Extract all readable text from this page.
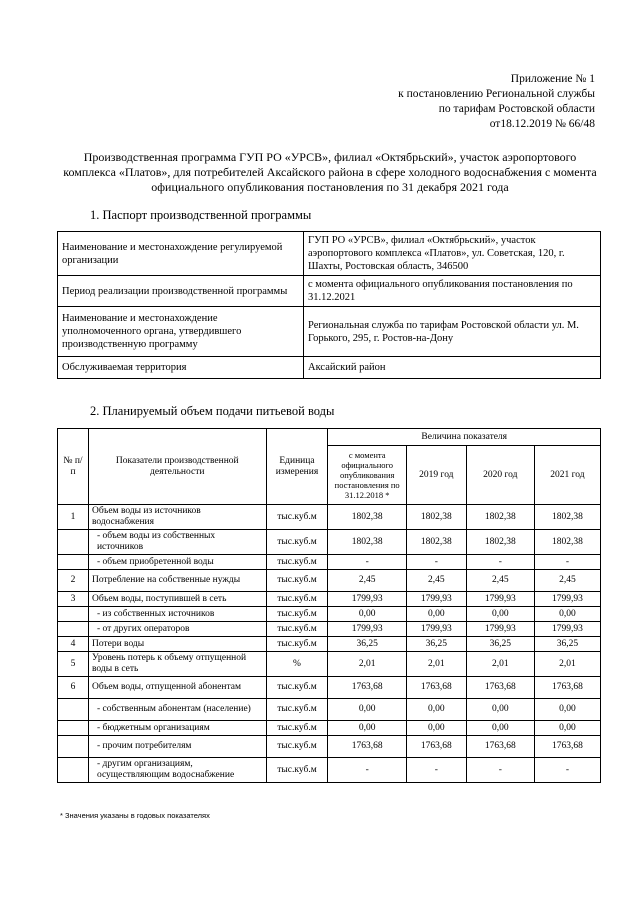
Приложение № 1
к постановлению Региональной службы
по тарифам Ростовской области
от18.12.2019 № 66/48
Производственная программа ГУП РО «УРСВ», филиал «Октябрьский», участок аэропортового комплекса «Платов», для потребителей Аксайского района в сфере холодного водоснабжения с момента официального опубликования постановления по 31 декабря 2021 года
1. Паспорт производственной программы
Наименование и местонахождение регулируемой организации	ГУП РО «УРСВ», филиал «Октябрьский», участок аэропортового комплекса «Платов», ул. Советская, 120, г. Шахты, Ростовская область, 346500
Период реализации производственной программы	с момента официального опубликования постановления по 31.12.2021
Наименование и местонахождение уполномоченного органа, утвердившего производственную программу	Региональная служба по тарифам Ростовской области ул. М. Горького, 295, г. Ростов-на-Дону
Обслуживаемая территория	Аксайский район
2. Планируемый объем подачи питьевой воды
№ п/п	Показатели производственной деятельности	Единица измерения	Величина показателя			
			с момента официального опубликования постановления по 31.12.2018 *	2019 год	2020 год	2021 год
1	Объем воды из источников водоснабжения	тыс.куб.м	1802,38	1802,38	1802,38	1802,38
	- объем воды из собственных источников	тыс.куб.м	1802,38	1802,38	1802,38	1802,38
	- объем приобретенной воды	тыс.куб.м	-	-	-	-
2	Потребление на собственные нужды	тыс.куб.м	2,45	2,45	2,45	2,45
3	Объем воды, поступившей в сеть	тыс.куб.м	1799,93	1799,93	1799,93	1799,93
	- из собственных источников	тыс.куб.м	0,00	0,00	0,00	0,00
	- от других операторов	тыс.куб.м	1799,93	1799,93	1799,93	1799,93
4	Потери воды	тыс.куб.м	36,25	36,25	36,25	36,25
5	Уровень потерь к объему отпущенной воды в сеть	%	2,01	2,01	2,01	2,01
6	Объем воды, отпущенной абонентам	тыс.куб.м	1763,68	1763,68	1763,68	1763,68
	- собственным абонентам (население)	тыс.куб.м	0,00	0,00	0,00	0,00
	- бюджетным организациям	тыс.куб.м	0,00	0,00	0,00	0,00
	- прочим потребителям	тыс.куб.м	1763,68	1763,68	1763,68	1763,68
	- другим организациям, осуществляющим водоснабжение	тыс.куб.м	-	-	-	-
* Значения указаны в годовых показателях
